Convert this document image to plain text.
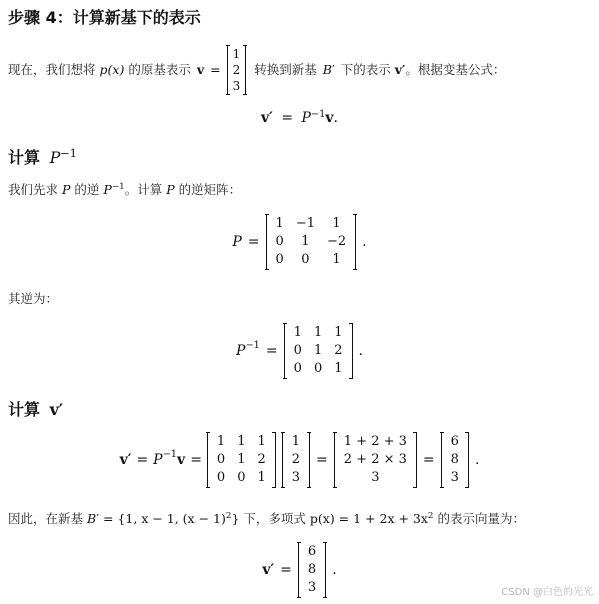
步骤 4：计算新基下的表示
现在，我们想将 p(x) 的原基表示 v =
1
2
3
转换到新基 B ′ 下的表示 v′ 。根据变基公式：
$v' = P^{-1}v$.
计算 $P^{-1}$
我们先求 P 的逆 $P^{-1}$。计算 P 的逆矩阵：
P =
1	−1	1
0	1	−2
0	0	1
.
其逆为：
$P^{-1}$ =
1	1	1
0	1	2
0	0	1
.
计算 v′
$v' = P^{-1}$ v =
1	1	1
0	1	2
0	0	1
1
2
3
=
1 + 2 + 3
2 + 2 × 3
3
=
6
8
3
.
因此，在新基 B′ = {1, x − 1, $(x - 1)^2$} 下，多项式 $p(x) = 1 + 2x + 3x^2$ 的表示向量为：
v′ =
6
8
3
.
CSDN @白色的光光
